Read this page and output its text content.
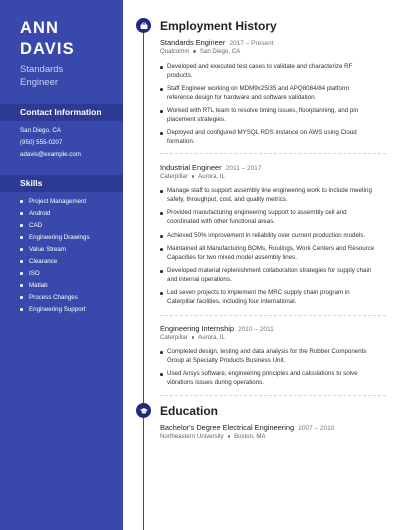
ANN
DAVIS
Standards
Engineer
Contact Information
San Diego, CA
(950) 555-0207
adavis@example.com
Skills
Project Management
Android
CAD
Engineering Drawings
Value Stream
Clearance
ISO
Matlab
Process Changes
Engineering Support
Employment History
Standards Engineer 2017 – Present
Qualcomm San Diego, CA
Developed and executed test cases to validate and characterize RF products.
Staff Engineer working on MDM9x25/35 and APQ8084/84 platform reference design for hardware and software validation.
Worked with RTL team to resolve timing issues, floorplanning, and pin placement strategies.
Deployed and configured MYSQL RDS instance on AWS using Cloud formation.
Industrial Engineer 2011 – 2017
Caterpillar Aurora, IL
Manage staff to support assembly line engineering work to include meeting safety, throughput, cost, and quality metrics.
Provided manufacturing engineering support to assembly cell and coordinated with other functional areas.
Achieved 50% improvement in reliability over current production models.
Maintained all Manufacturing BOMs, Routings, Work Centers and Resource Capacities for two mixed model assembly lines.
Developed material replenishment collaboration strategies for supply chain and internal operations.
Led seven projects to implement the MRC supply chain program in Caterpillar facilities, including four international.
Engineering Internship 2010 – 2011
Caterpillar Aurora, IL
Completed design, testing and data analysis for the Rubber Components Group at Specialty Products Business Unit.
Used Ansys software, engineering principles and calculations to solve vibrations issues during operations.
Education
Bachelor's Degree Electrical Engineering 2007 – 2010
Northeastern University Boston, MA
